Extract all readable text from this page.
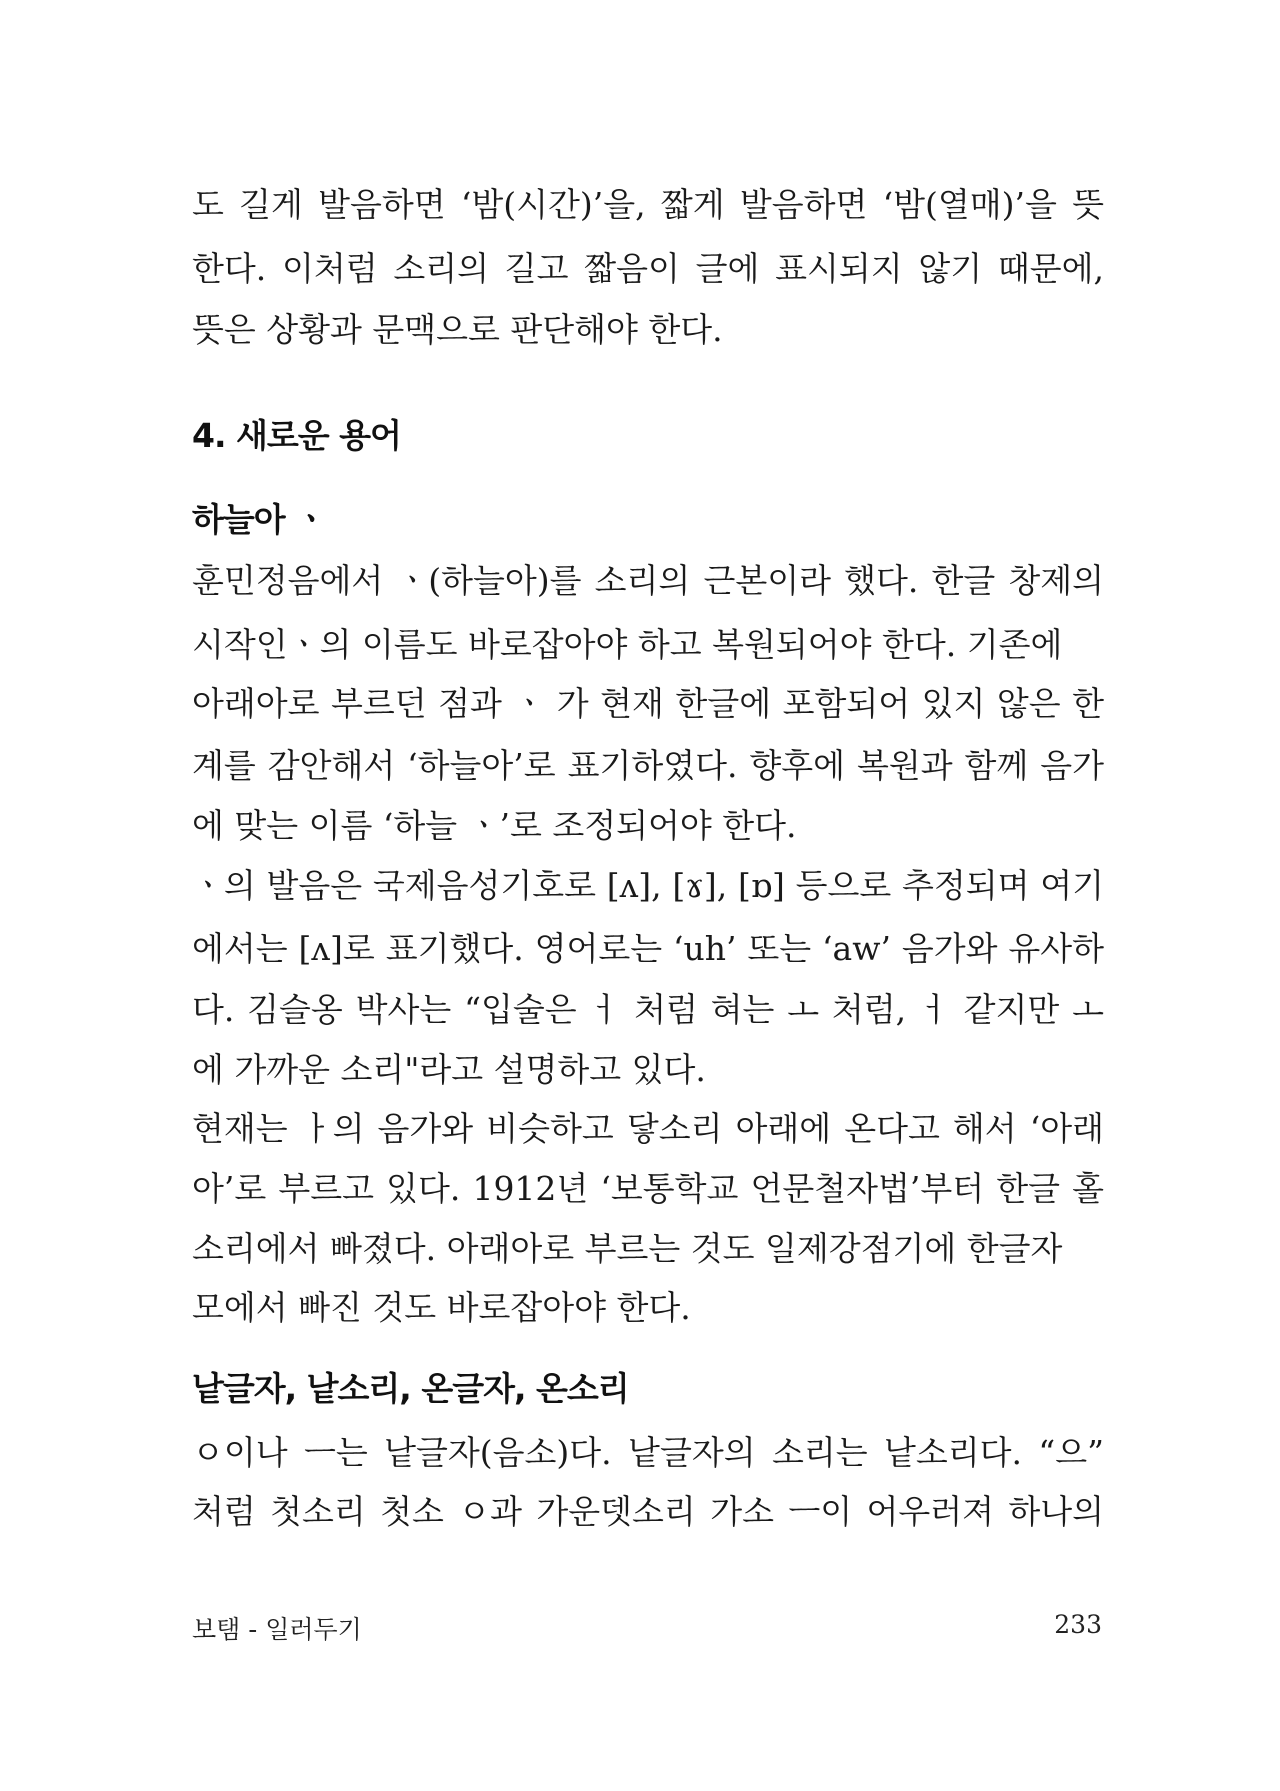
도 길게 발음하면 ‘밤(시간)’을, 짧게 발음하면 ‘밤(열매)’을 뜻
한다. 이처럼 소리의 길고 짧음이 글에 표시되지 않기 때문에,
뜻은 상황과 문맥으로 판단해야 한다.
4. 새로운 용어
하늘아 ㆍ
훈민정음에서 ㆍ(하늘아)를 소리의 근본이라 했다. 한글 창제의
시작인ㆍ의 이름도 바로잡아야 하고 복원되어야 한다. 기존에
아래아로 부르던 점과 ㆍ 가 현재 한글에 포함되어 있지 않은 한
계를 감안해서 ‘하늘아’로 표기하였다. 향후에 복원과 함께 음가
에 맞는 이름 ‘하늘 ㆍ’로 조정되어야 한다.
ㆍ의 발음은 국제음성기호로 [ʌ], [ɤ], [ɒ] 등으로 추정되며 여기
에서는 [ʌ]로 표기했다. 영어로는 ‘uh’ 또는 ‘aw’ 음가와 유사하
다. 김슬옹 박사는 “입술은 ㅓ 처럼 혀는 ㅗ 처럼, ㅓ 같지만 ㅗ
에 가까운 소리"라고 설명하고 있다.
현재는 ㅏ의 음가와 비슷하고 닿소리 아래에 온다고 해서 ‘아래
아’로 부르고 있다. 1912년 ‘보통학교 언문철자법’부터 한글 홀
소리에서 빠졌다. 아래아로 부르는 것도 일제강점기에 한글자
모에서 빠진 것도 바로잡아야 한다.
낱글자, 낱소리, 온글자, 온소리
ㅇ이나 ㅡ는 낱글자(음소)다. 낱글자의 소리는 낱소리다. “으”
처럼 첫소리 첫소 ㅇ과 가운뎃소리 가소 ㅡ이 어우러져 하나의
보탬 - 일러두기	233
